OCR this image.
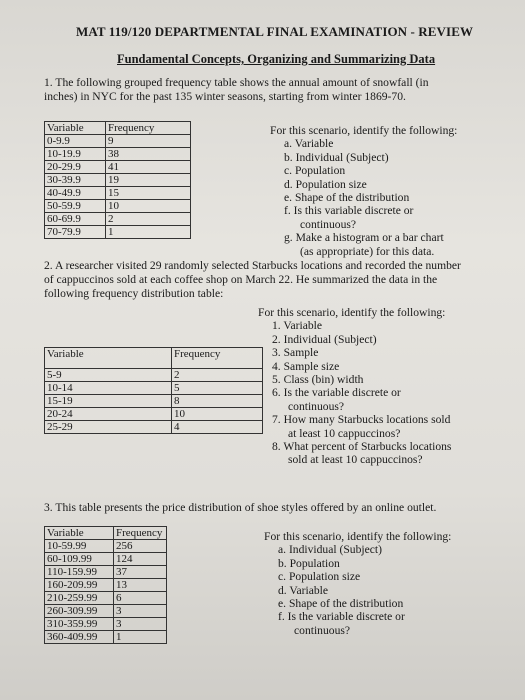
MAT 119/120 DEPARTMENTAL FINAL EXAMINATION - REVIEW
Fundamental Concepts, Organizing and Summarizing Data
1. The following grouped frequency table shows the annual amount of snowfall (in inches) in NYC for the past 135 winter seasons, starting from winter 1869-70.
Variable	Frequency
0-9.9	9
10-19.9	38
20-29.9	41
30-39.9	19
40-49.9	15
50-59.9	10
60-69.9	2
70-79.9	1
For this scenario, identify the following:
a. Variable
b. Individual (Subject)
c. Population
d. Population size
e. Shape of the distribution
f. Is this variable discrete or
continuous?
g. Make a histogram or a bar chart
(as appropriate) for this data.
2. A researcher visited 29 randomly selected Starbucks locations and recorded the number of cappuccinos sold at each coffee shop on March 22. He summarized the data in the following frequency distribution table:
Variable	Frequency
5-9	2
10-14	5
15-19	8
20-24	10
25-29	4
For this scenario, identify the following:
1. Variable
2. Individual (Subject)
3. Sample
4. Sample size
5. Class (bin) width
6. Is the variable discrete or
continuous?
7. How many Starbucks locations sold
at least 10 cappuccinos?
8. What percent of Starbucks locations
sold at least 10 cappuccinos?
3. This table presents the price distribution of shoe styles offered by an online outlet.
Variable	Frequency
10-59.99	256
60-109.99	124
110-159.99	37
160-209.99	13
210-259.99	6
260-309.99	3
310-359.99	3
360-409.99	1
For this scenario, identify the following:
a. Individual (Subject)
b. Population
c. Population size
d. Variable
e. Shape of the distribution
f. Is the variable discrete or
continuous?
